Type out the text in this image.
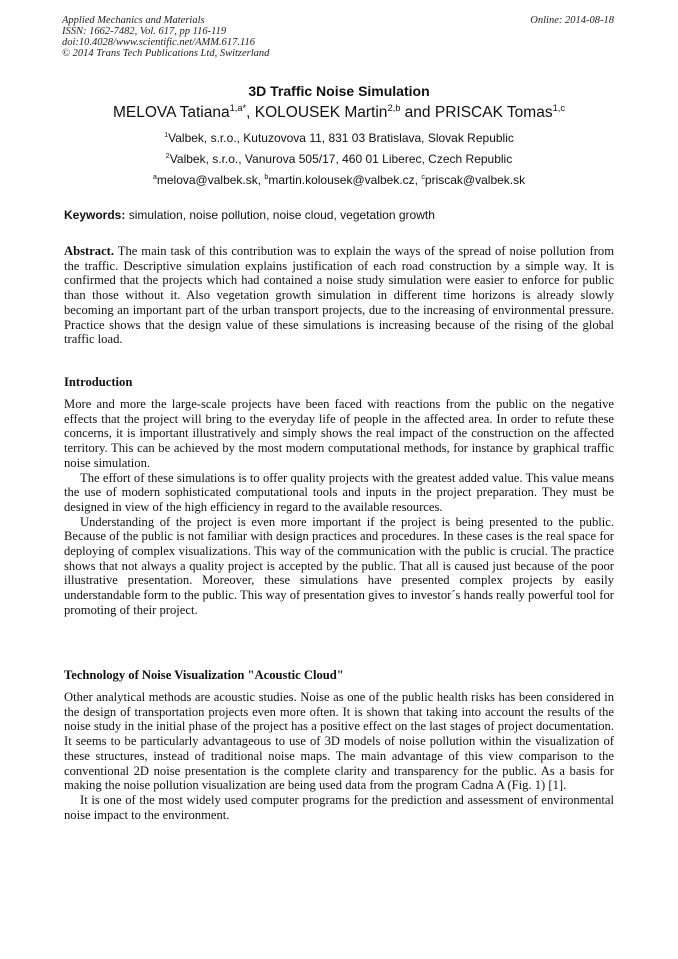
Applied Mechanics and Materials
ISSN: 1662-7482, Vol. 617, pp 116-119
doi:10.4028/www.scientific.net/AMM.617.116
© 2014 Trans Tech Publications Ltd, Switzerland
Online: 2014-08-18
3D Traffic Noise Simulation
MELOVA Tatiana$^{1,a*}$, KOLOUSEK Martin$^{2,b}$ and PRISCAK Tomas$^{1,c}$
$^1$Valbek, s.r.o., Kutuzovova 11, 831 03 Bratislava, Slovak Republic
$^2$Valbek, s.r.o., Vanurova 505/17, 460 01 Liberec, Czech Republic
$^a$melova@valbek.sk, $^b$martin.kolousek@valbek.cz, $^c$priscak@valbek.sk
Keywords: simulation, noise pollution, noise cloud, vegetation growth

Abstract. The main task of this contribution was to explain the ways of the spread of noise pollution from the traffic. Descriptive simulation explains justification of each road construction by a simple way. It is confirmed that the projects which had contained a noise study simulation were easier to enforce for public than those without it. Also vegetation growth simulation in different time horizons is already slowly becoming an important part of the urban transport projects, due to the increasing of environmental pressure. Practice shows that the design value of these simulations is increasing because of the rising of the global traffic load.

Introduction

More and more the large-scale projects have been faced with reactions from the public on the negative effects that the project will bring to the everyday life of people in the affected area. In order to refute these concerns, it is important illustratively and simply shows the real impact of the construction on the affected territory. This can be achieved by the most modern computational methods, for instance by graphical traffic noise simulation.

The effort of these simulations is to offer quality projects with the greatest added value. This value means the use of modern sophisticated computational tools and inputs in the project preparation. They must be designed in view of the high efficiency in regard to the available resources.

Understanding of the project is even more important if the project is being presented to the public. Because of the public is not familiar with design practices and procedures. In these cases is the real space for deploying of complex visualizations. This way of the communication with the public is crucial. The practice shows that not always a quality project is accepted by the public. That all is caused just because of the poor illustrative presentation. Moreover, these simulations have presented complex projects by easily understandable form to the public. This way of presentation gives to investor´s hands really powerful tool for promoting of their project.

Technology of Noise Visualization "Acoustic Cloud"

Other analytical methods are acoustic studies. Noise as one of the public health risks has been considered in the design of transportation projects even more often. It is shown that taking into account the results of the noise study in the initial phase of the project has a positive effect on the last stages of project documentation. It seems to be particularly advantageous to use of 3D models of noise pollution within the visualization of these structures, instead of traditional noise maps. The main advantage of this view comparison to the conventional 2D noise presentation is the complete clarity and transparency for the public. As a basis for making the noise pollution visualization are being used data from the program Cadna A (Fig. 1) [1].

It is one of the most widely used computer programs for the prediction and assessment of environmental noise impact to the environment.
